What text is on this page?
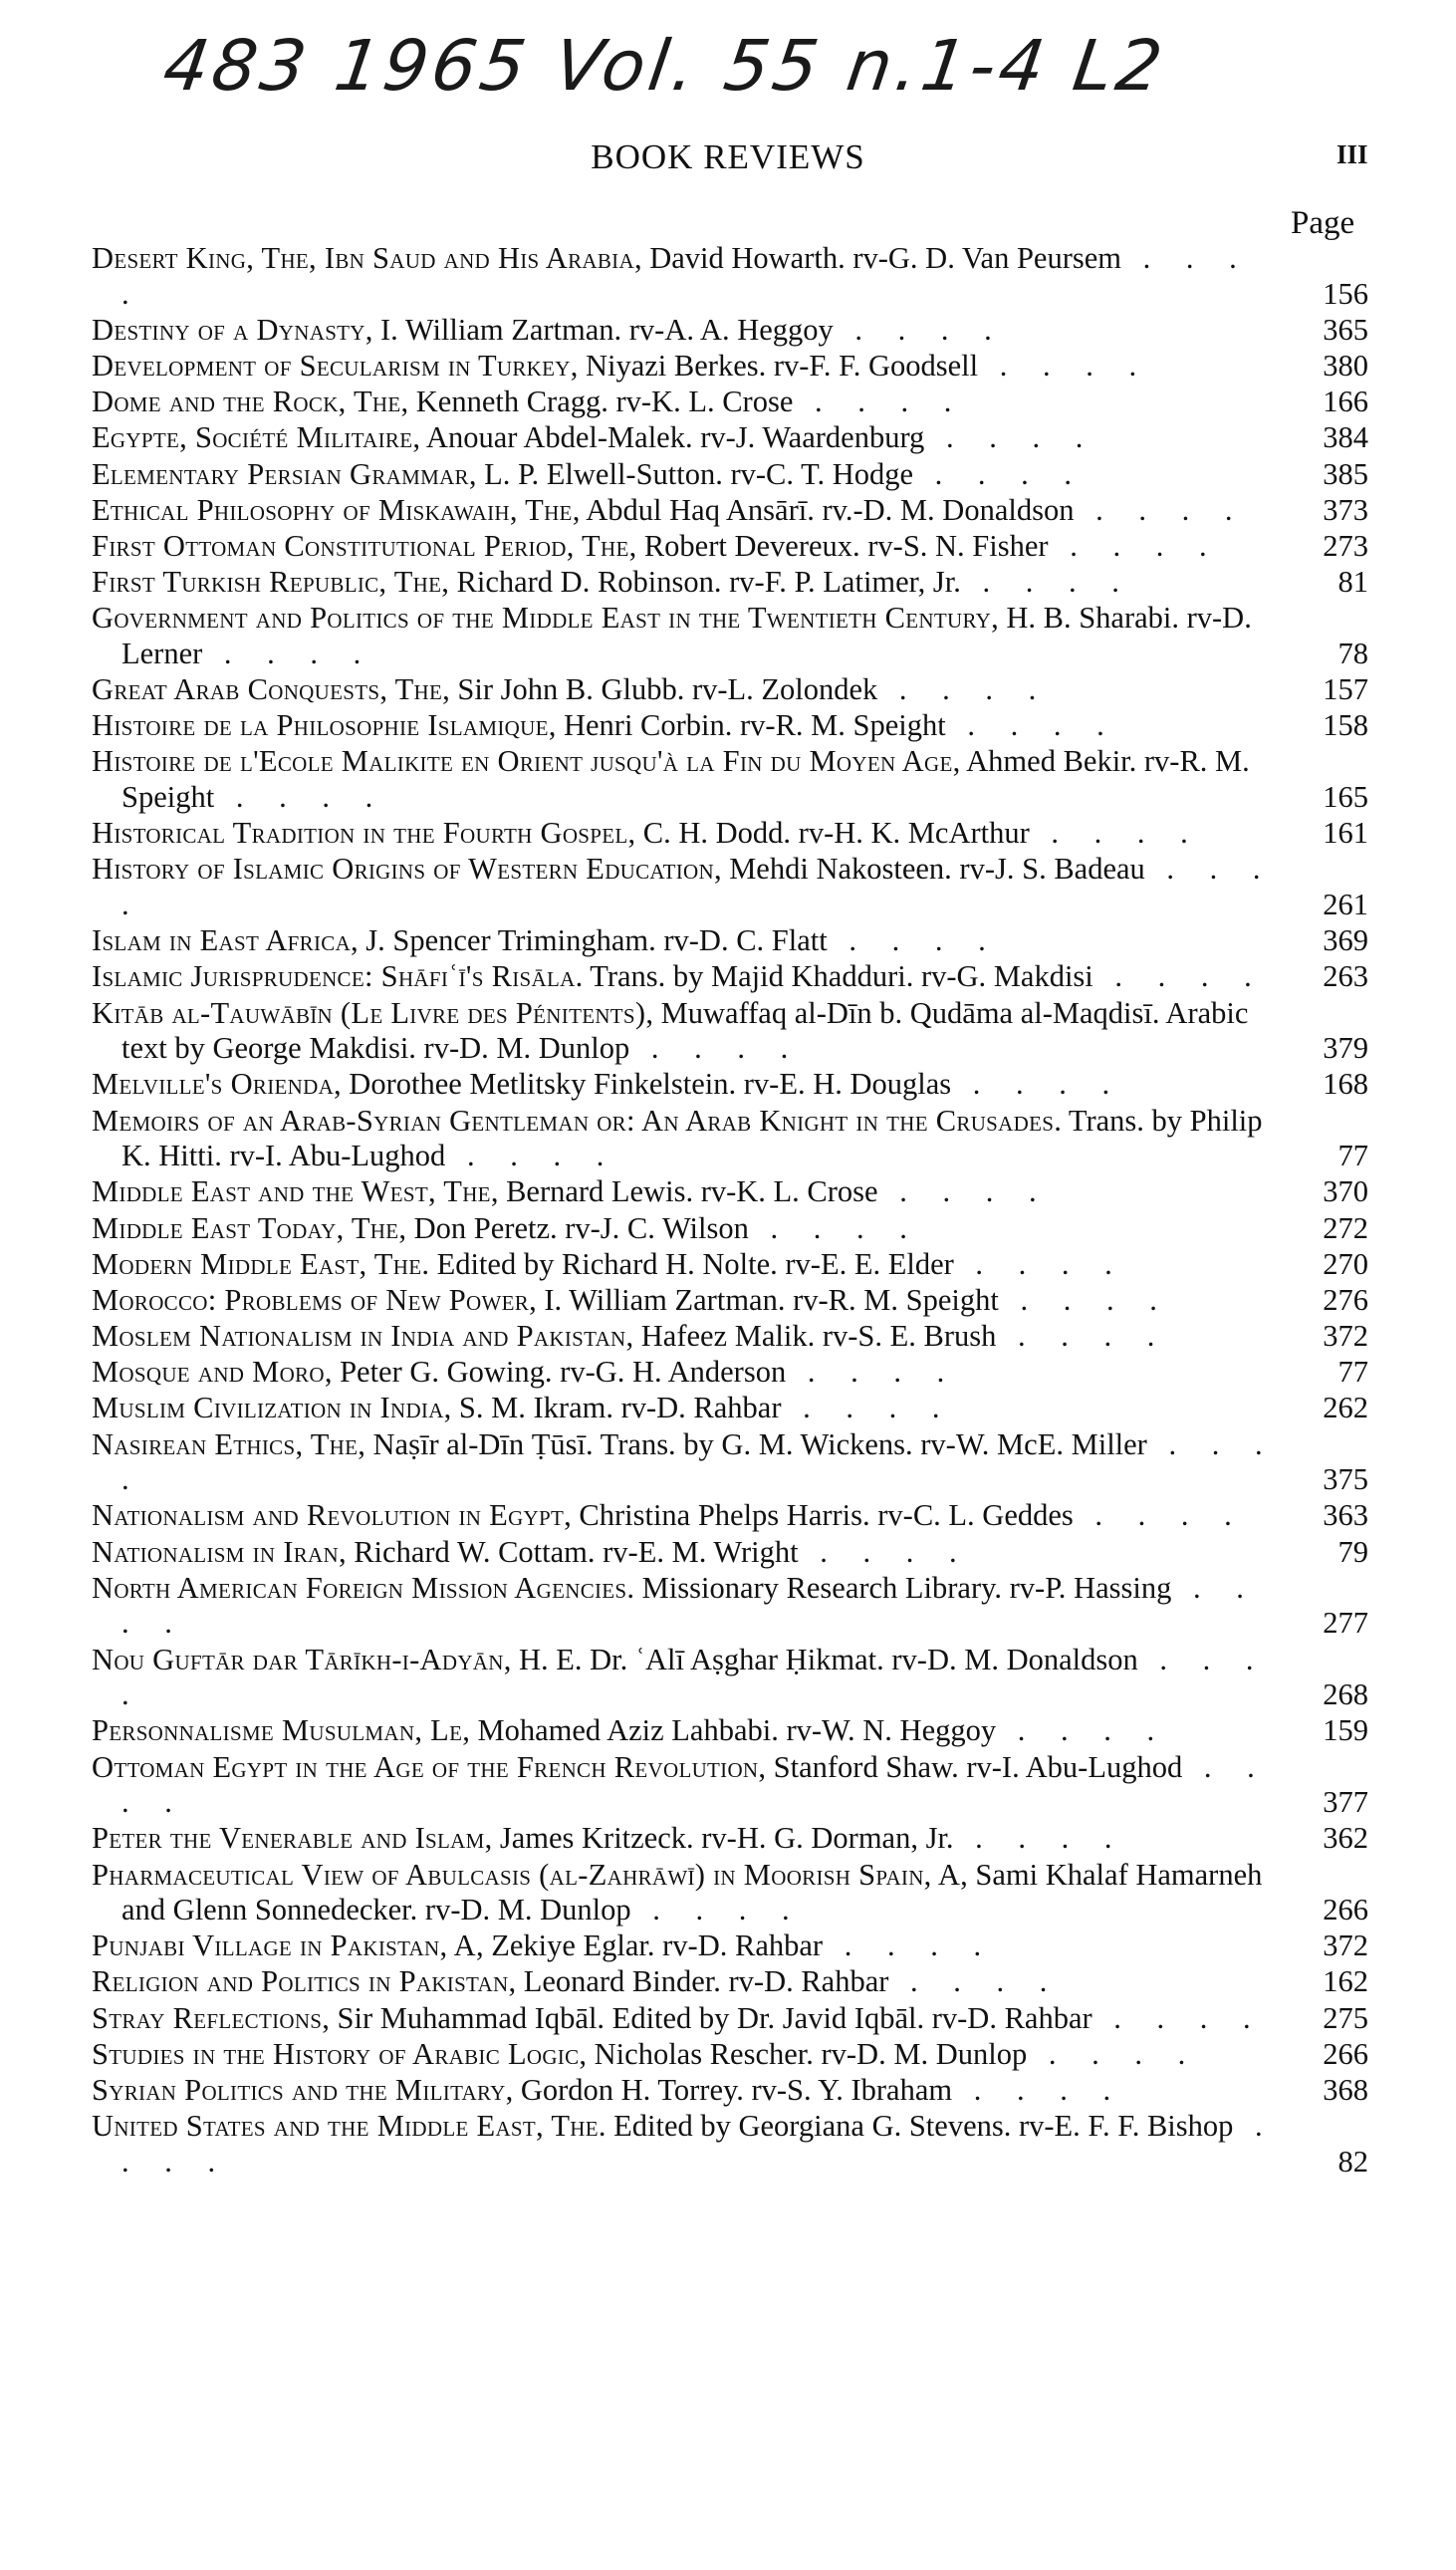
483 1965 Vol. 55 n.1-4 L2
BOOK REVIEWS	III
Page
Desert King, The, Ibn Saud and His Arabia, David Howarth. rv-G. D. Van Peursem . . . .	156
Destiny of a Dynasty, I. William Zartman. rv-A. A. Heggoy . . . .	365
Development of Secularism in Turkey, Niyazi Berkes. rv-F. F. Goodsell . . . .	380
Dome and the Rock, The, Kenneth Cragg. rv-K. L. Crose . . . .	166
Egypte, Société Militaire, Anouar Abdel-Malek. rv-J. Waardenburg . . . .	384
Elementary Persian Grammar, L. P. Elwell-Sutton. rv-C. T. Hodge . . . .	385
Ethical Philosophy of Miskawaih, The, Abdul Haq Ansārī. rv.-D. M. Donaldson . . . .	373
First Ottoman Constitutional Period, The, Robert Devereux. rv-S. N. Fisher . . . .	273
First Turkish Republic, The, Richard D. Robinson. rv-F. P. Latimer, Jr. . . . .	81
Government and Politics of the Middle East in the Twentieth Century, H. B. Sharabi. rv-D. Lerner . . . .	78
Great Arab Conquests, The, Sir John B. Glubb. rv-L. Zolondek . . . .	157
Histoire de la Philosophie Islamique, Henri Corbin. rv-R. M. Speight . . . .	158
Histoire de l'Ecole Malikite en Orient jusqu'à la Fin du Moyen Age, Ahmed Bekir. rv-R. M. Speight . . . .	165
Historical Tradition in the Fourth Gospel, C. H. Dodd. rv-H. K. McArthur . . . .	161
History of Islamic Origins of Western Education, Mehdi Nakosteen. rv-J. S. Badeau . . . .	261
Islam in East Africa, J. Spencer Trimingham. rv-D. C. Flatt . . . .	369
Islamic Jurisprudence: Shāfiʿī's Risāla. Trans. by Majid Khadduri. rv-G. Makdisi . . . .	263
Kitāb al-Tauwābīn (Le Livre des Pénitents), Muwaffaq al-Dīn b. Qudāma al-Maqdisī. Arabic text by George Makdisi. rv-D. M. Dunlop . . . .	379
Melville's Orienda, Dorothee Metlitsky Finkelstein. rv-E. H. Douglas . . . .	168
Memoirs of an Arab-Syrian Gentleman or: An Arab Knight in the Crusades. Trans. by Philip K. Hitti. rv-I. Abu-Lughod . . . .	77
Middle East and the West, The, Bernard Lewis. rv-K. L. Crose . . . .	370
Middle East Today, The, Don Peretz. rv-J. C. Wilson . . . .	272
Modern Middle East, The. Edited by Richard H. Nolte. rv-E. E. Elder . . . .	270
Morocco: Problems of New Power, I. William Zartman. rv-R. M. Speight . . . .	276
Moslem Nationalism in India and Pakistan, Hafeez Malik. rv-S. E. Brush . . . .	372
Mosque and Moro, Peter G. Gowing. rv-G. H. Anderson . . . .	77
Muslim Civilization in India, S. M. Ikram. rv-D. Rahbar . . . .	262
Nasirean Ethics, The, Naṣīr al-Dīn Ṭūsī. Trans. by G. M. Wickens. rv-W. McE. Miller . . . .	375
Nationalism and Revolution in Egypt, Christina Phelps Harris. rv-C. L. Geddes . . . .	363
Nationalism in Iran, Richard W. Cottam. rv-E. M. Wright . . . .	79
North American Foreign Mission Agencies. Missionary Research Library. rv-P. Hassing . . . .	277
Nou Guftār dar Tārīkh-i-Adyān, H. E. Dr. ʿAlī Aṣghar Ḥikmat. rv-D. M. Donaldson . . . .	268
Personnalisme Musulman, Le, Mohamed Aziz Lahbabi. rv-W. N. Heggoy . . . .	159
Ottoman Egypt in the Age of the French Revolution, Stanford Shaw. rv-I. Abu-Lughod . . . .	377
Peter the Venerable and Islam, James Kritzeck. rv-H. G. Dorman, Jr. . . . .	362
Pharmaceutical View of Abulcasis (al-Zahrāwī) in Moorish Spain, A, Sami Khalaf Hamarneh and Glenn Sonnedecker. rv-D. M. Dunlop . . . .	266
Punjabi Village in Pakistan, A, Zekiye Eglar. rv-D. Rahbar . . . .	372
Religion and Politics in Pakistan, Leonard Binder. rv-D. Rahbar . . . .	162
Stray Reflections, Sir Muhammad Iqbāl. Edited by Dr. Javid Iqbāl. rv-D. Rahbar . . . .	275
Studies in the History of Arabic Logic, Nicholas Rescher. rv-D. M. Dunlop . . . .	266
Syrian Politics and the Military, Gordon H. Torrey. rv-S. Y. Ibraham . . . .	368
United States and the Middle East, The. Edited by Georgiana G. Stevens. rv-E. F. F. Bishop . . . .	82
